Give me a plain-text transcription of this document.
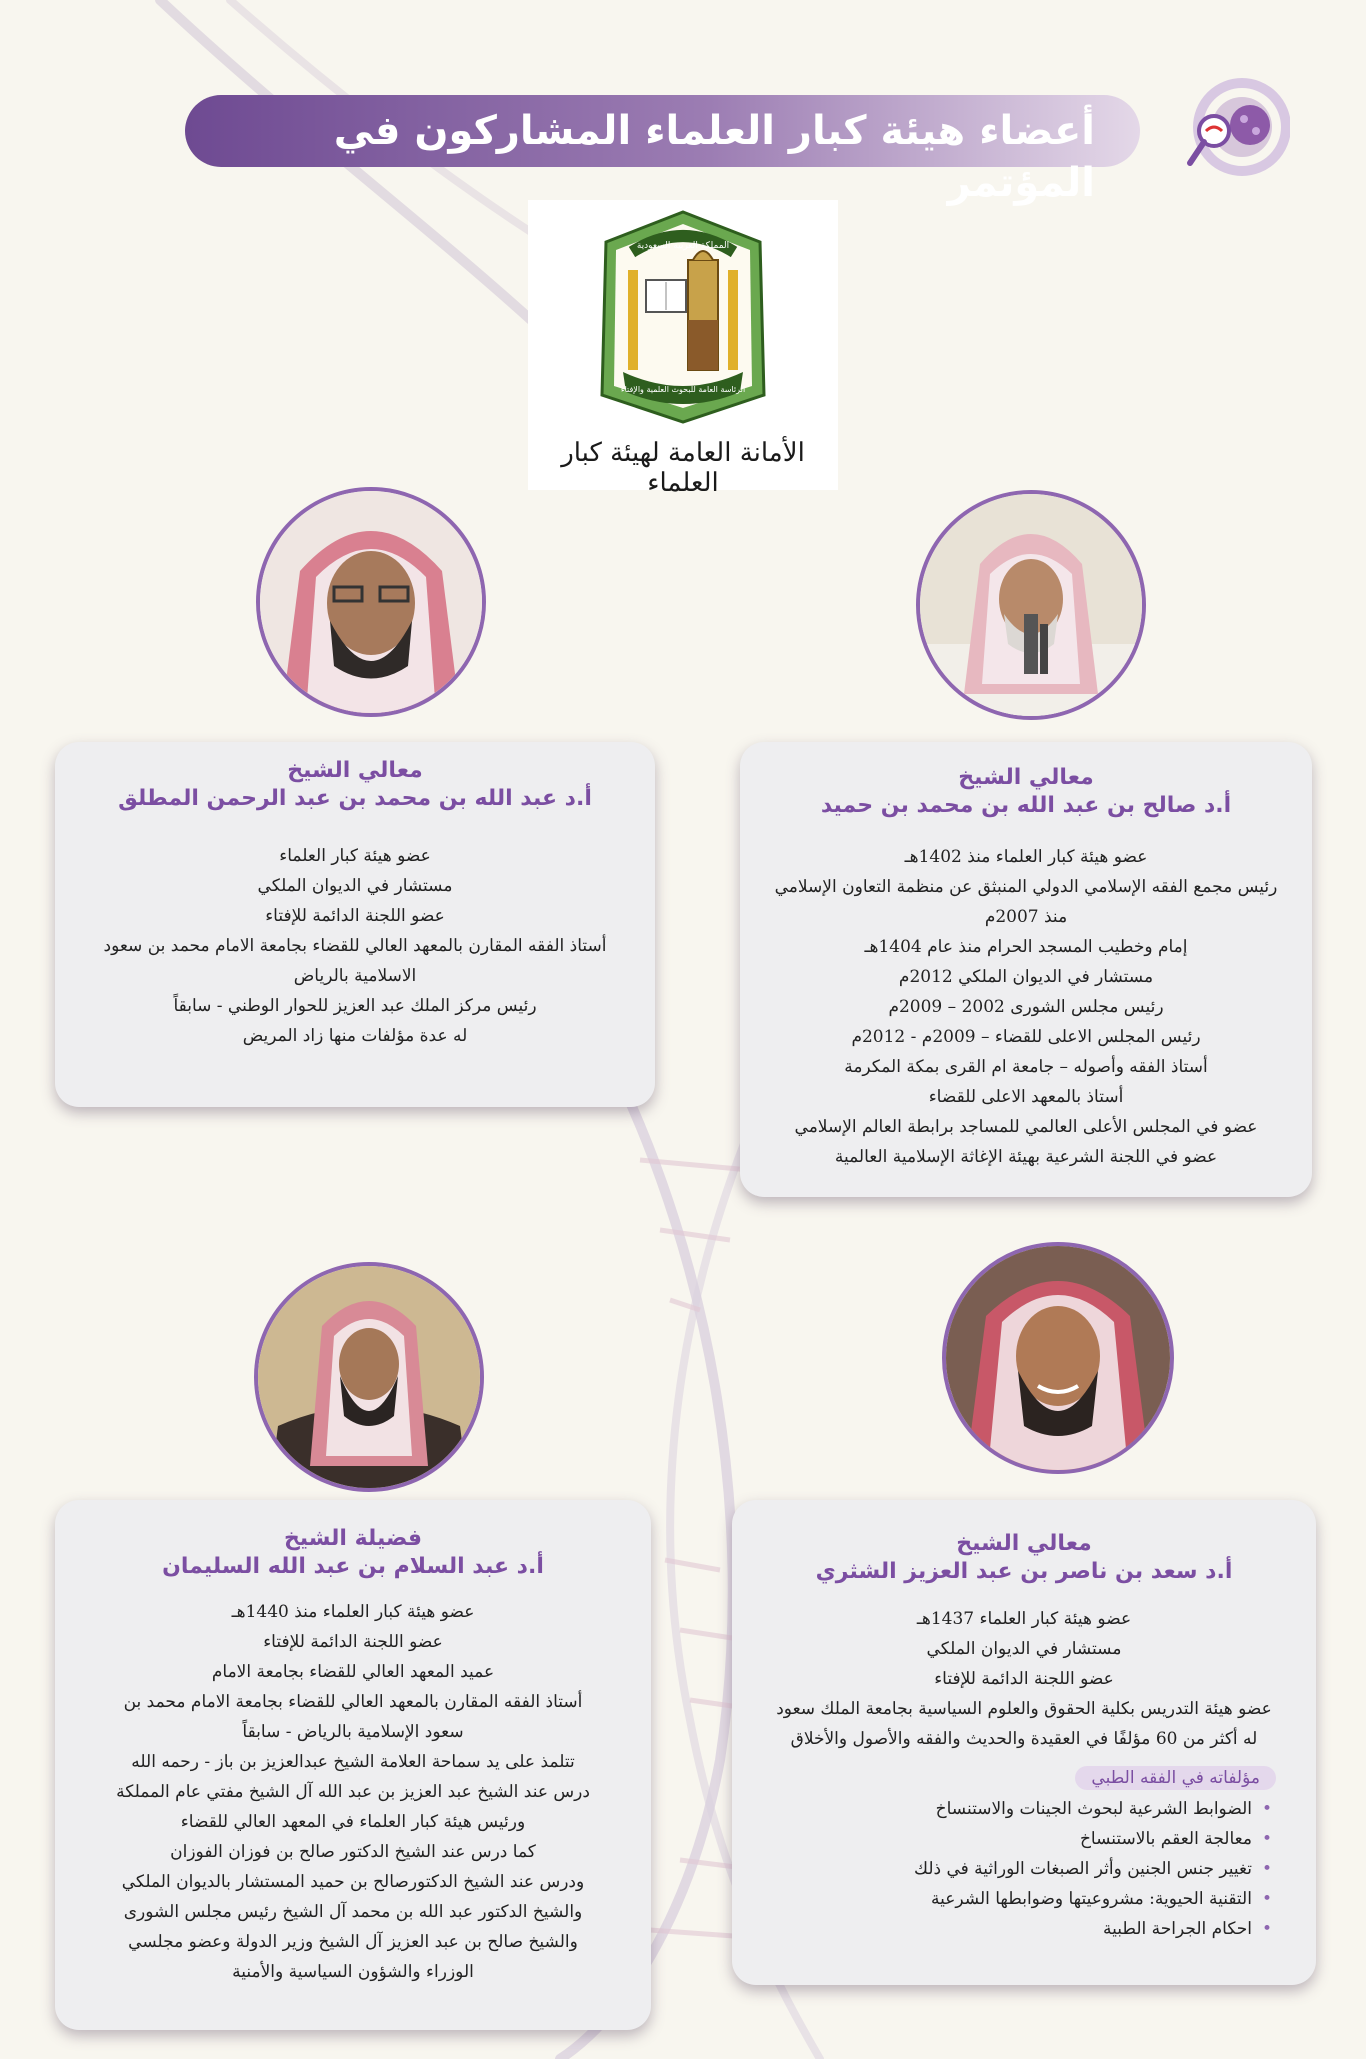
أعضاء هيئة كبار العلماء المشاركون في المؤتمر
المملكة العربية السعودية
الرئاسة العامة للبحوث العلمية والإفتاء
الأمانة العامة لهيئة كبار العلماء
معالي الشيخ
أ.د صالح بن عبد الله بن محمد بن حميد
عضو هيئة كبار العلماء منذ 1402هـ
رئيس مجمع الفقه الإسلامي الدولي المنبثق عن منظمة التعاون الإسلامي
منذ 2007م
إمام وخطيب المسجد الحرام منذ عام 1404هـ
مستشار في الديوان الملكي 2012م
رئيس مجلس الشورى 2002 – 2009م
رئيس المجلس الاعلى للقضاء – 2009م - 2012م
أستاذ الفقه وأصوله – جامعة ام القرى بمكة المكرمة
أستاذ بالمعهد الاعلى للقضاء
عضو في المجلس الأعلى العالمي للمساجد برابطة العالم الإسلامي
عضو في اللجنة الشرعية بهيئة الإغاثة الإسلامية العالمية
معالي الشيخ
أ.د عبد الله بن محمد بن عبد الرحمن المطلق
عضو هيئة كبار العلماء
مستشار في الديوان الملكي
عضو اللجنة الدائمة للإفتاء
أستاذ الفقه المقارن بالمعهد العالي للقضاء بجامعة الامام محمد بن سعود
الاسلامية بالرياض
رئيس مركز الملك عبد العزيز للحوار الوطني - سابقاً
له عدة مؤلفات منها زاد المريض
معالي الشيخ
أ.د سعد بن ناصر بن عبد العزيز الشثري
عضو هيئة كبار العلماء 1437هـ
مستشار في الديوان الملكي
عضو اللجنة الدائمة للإفتاء
عضو هيئة التدريس بكلية الحقوق والعلوم السياسية بجامعة الملك سعود
له أكثر من 60 مؤلفًا في العقيدة والحديث والفقه والأصول والأخلاق
مؤلفاته في الفقه الطبي
• الضوابط الشرعية لبحوث الجينات والاستنساخ
• معالجة العقم بالاستنساخ
• تغيير جنس الجنين وأثر الصبغات الوراثية في ذلك
• التقنية الحيوية: مشروعيتها وضوابطها الشرعية
• احكام الجراحة الطبية
فضيلة الشيخ
أ.د عبد السلام بن عبد الله السليمان
عضو هيئة كبار العلماء منذ 1440هـ
عضو اللجنة الدائمة للإفتاء
عميد المعهد العالي للقضاء بجامعة الامام
أستاذ الفقه المقارن بالمعهد العالي للقضاء بجامعة الامام محمد بن
سعود الإسلامية بالرياض - سابقاً
تتلمذ على يد سماحة العلامة الشيخ عبدالعزيز بن باز - رحمه الله
درس عند الشيخ عبد العزيز بن عبد الله آل الشيخ مفتي عام المملكة
ورئيس هيئة كبار العلماء في المعهد العالي للقضاء
كما درس عند الشيخ الدكتور صالح بن فوزان الفوزان
ودرس عند الشيخ الدكتورصالح بن حميد المستشار بالديوان الملكي
والشيخ الدكتور عبد الله بن محمد آل الشيخ رئيس مجلس الشورى
والشيخ صالح بن عبد العزيز آل الشيخ وزير الدولة وعضو مجلسي
الوزراء والشؤون السياسية والأمنية
